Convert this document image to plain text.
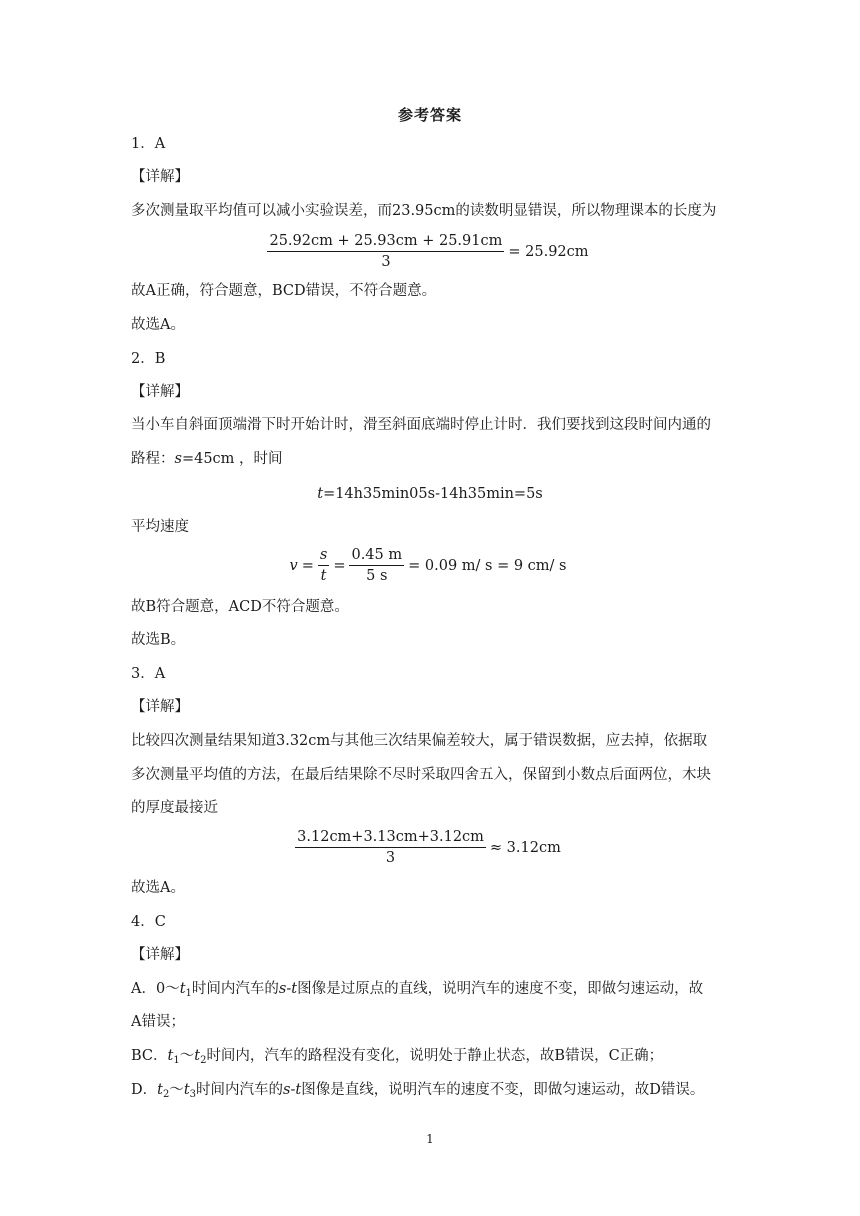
参考答案
1．A
【详解】
多次测量取平均值可以减小实验误差，而23.95cm的读数明显错误，所以物理课本的长度为
$\frac{25.92cm + 25.93cm + 25.91cm}{3} = 25.92cm$
故A正确，符合题意，BCD错误，不符合题意。
故选A。
2．B
【详解】
当小车自斜面顶端滑下时开始计时，滑至斜面底端时停止计时．我们要找到这段时间内通的
路程：s=45cm ，时间
t=14h35min05s-14h35min=5s
平均速度
$v = \frac{s}{t} = \frac{0.45 m}{5 s} = 0.09$ m/ s = 9 cm/ s
故B符合题意，ACD不符合题意。
故选B。
3．A
【详解】
比较四次测量结果知道3.32cm与其他三次结果偏差较大，属于错误数据，应去掉，依据取
多次测量平均值的方法，在最后结果除不尽时采取四舍五入，保留到小数点后面两位，木块
的厚度最接近
$\frac{3.12cm+3.13cm+3.12cm}{3} \approx 3.12cm$
故选A。
4．C
【详解】
A．$0\sim t_1$时间内汽车的s-t图像是过原点的直线，说明汽车的速度不变，即做匀速运动，故
A错误；
BC．$t_1\sim t_2$时间内，汽车的路程没有变化，说明处于静止状态，故B错误，C正确；
D．$t_2\sim t_3$时间内汽车的s-t图像是直线，说明汽车的速度不变，即做匀速运动，故D错误。
1
